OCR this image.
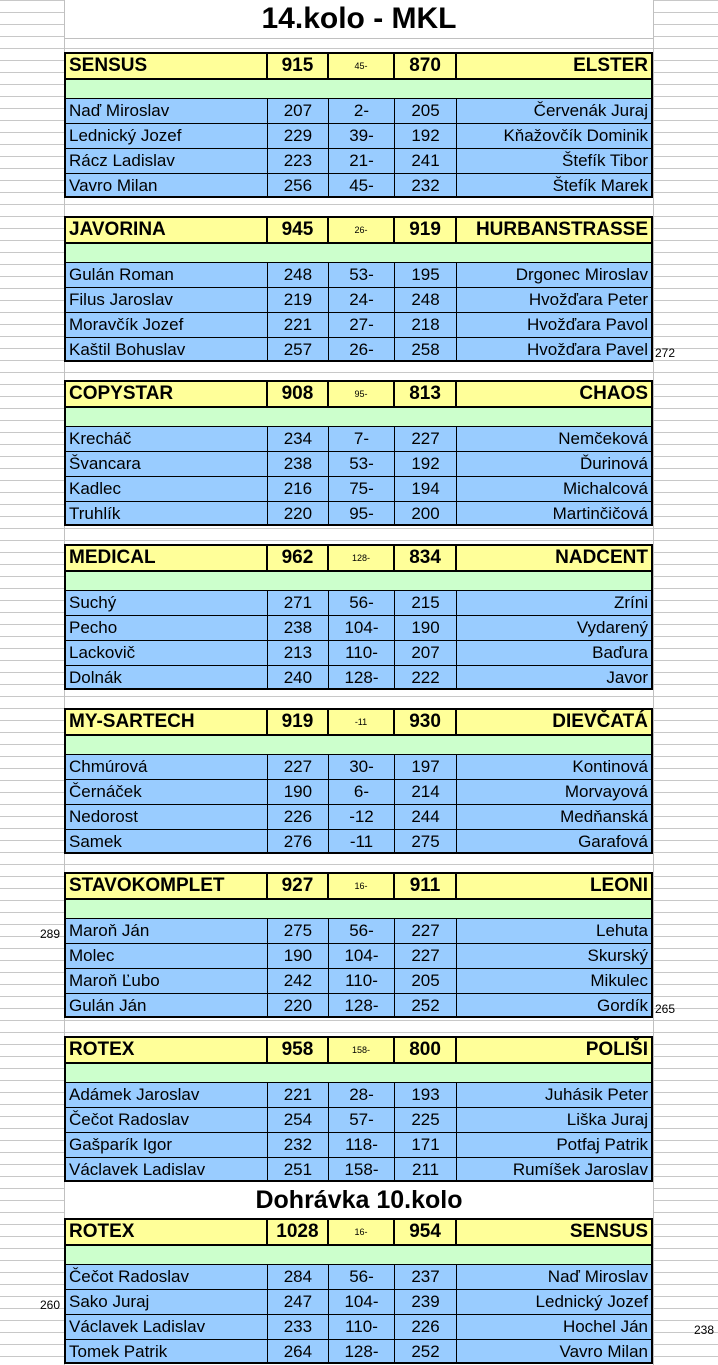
14.kolo - MKL
SENSUS	915	45-	870	ELSTER
Naď Miroslav	207	2-	205	Červenák Juraj
Lednický Jozef	229	39-	192	Kňažovčík Dominik
Rácz Ladislav	223	21-	241	Štefík Tibor
Vavro Milan	256	45-	232	Štefík Marek
JAVORINA	945	26-	919	HURBANSTRASSE
Gulán Roman	248	53-	195	Drgonec Miroslav
Filus Jaroslav	219	24-	248	Hvožďara Peter
Moravčík Jozef	221	27-	218	Hvožďara Pavol
Kaštil Bohuslav	257	26-	258	Hvožďara Pavel
COPYSTAR	908	95-	813	CHAOS
Krecháč	234	7-	227	Nemčeková
Švancara	238	53-	192	Ďurinová
Kadlec	216	75-	194	Michalcová
Truhlík	220	95-	200	Martinčičová
MEDICAL	962	128-	834	NADCENT
Suchý	271	56-	215	Zríni
Pecho	238	104-	190	Vydarený
Lackovič	213	110-	207	Baďura
Dolnák	240	128-	222	Javor
MY-SARTECH	919	-11	930	DIEVČATÁ
Chmúrová	227	30-	197	Kontinová
Černáček	190	6-	214	Morvayová
Nedorost	226	-12	244	Medňanská
Samek	276	-11	275	Garafová
STAVOKOMPLET	927	16-	911	LEONI
Maroň Ján	275	56-	227	Lehuta
Molec	190	104-	227	Skurský
Maroň Ľubo	242	110-	205	Mikulec
Gulán Ján	220	128-	252	Gordík
ROTEX	958	158-	800	POLIŠI
Adámek Jaroslav	221	28-	193	Juhásik Peter
Čečot Radoslav	254	57-	225	Liška Juraj
Gašparík Igor	232	118-	171	Potfaj Patrik
Václavek Ladislav	251	158-	211	Rumíšek Jaroslav
ROTEX	1028	16-	954	SENSUS
Čečot Radoslav	284	56-	237	Naď Miroslav
Sako Juraj	247	104-	239	Lednický Jozef
Václavek Ladislav	233	110-	226	Hochel Ján
Tomek Patrik	264	128-	252	Vavro Milan
Dohrávka 10.kolo
272
289
265
260
238
